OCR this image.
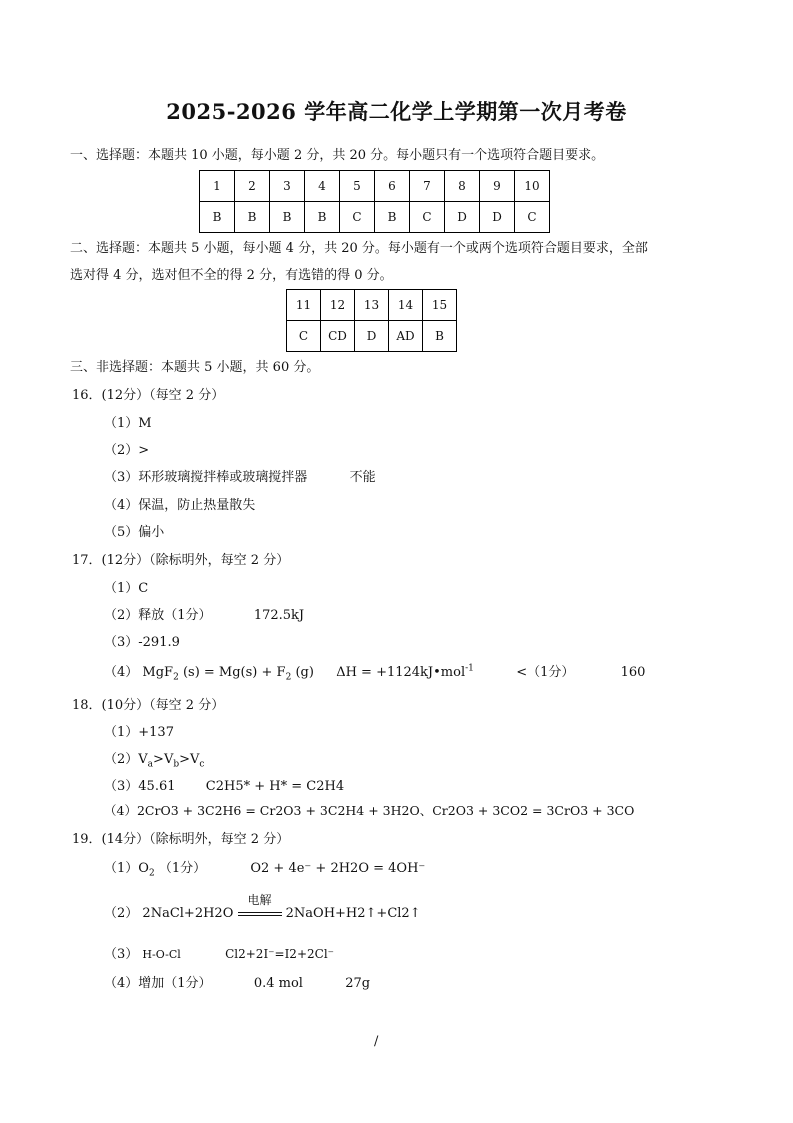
2025-2026 学年高二化学上学期第一次月考卷
一、选择题：本题共 10 小题，每小题 2 分，共 20 分。每小题只有一个选项符合题目要求。
1	2	3	4	5	6	7	8	9	10
B	B	B	B	C	B	C	D	D	C
二、选择题：本题共 5 小题，每小题 4 分，共 20 分。每小题有一个或两个选项符合题目要求，全部
选对得 4 分，选对但不全的得 2 分，有选错的得 0 分。
11	12	13	14	15
C	CD	D	AD	B
三、非选择题：本题共 5 小题，共 60 分。
16．(12分）（每空 2 分）
（1）M
（2）>
（3）环形玻璃搅拌棒或玻璃搅拌器	不能
（4）保温，防止热量散失
（5）偏小
17．(12分）（除标明外，每空 2 分）
（1）C
（2）释放（1分）	172.5kJ
（3）-291.9
（4） MgF$_2$ $(s) = Mg(s) + F_2$ (g) ΔH = +1124kJ•mol$^{-1}$	<（1分）	160
18．(10分）（每空 2 分）
（1）+137
$(2)V_a>V_b>V_c$
（3）45.61 C2H5* + H* = C2H4
（4）2CrO3 + 3C2H6 = Cr2O3 + 3C2H4 + 3H2O、Cr2O3 + 3CO2 = 3CrO3 + 3CO
19．(14分）（除标明外，每空 2 分）
$(1)O_2$ （1分）	O2 + 4e⁻ + 2H2O = 4OH⁻
（2） 2NaCl+2H2O
电解
2NaOH+H2↑+Cl2↑
（3） H-O-Cl	Cl2+2I⁻=I2+2Cl⁻
（4）增加（1分）	0.4 mol	27g
/
